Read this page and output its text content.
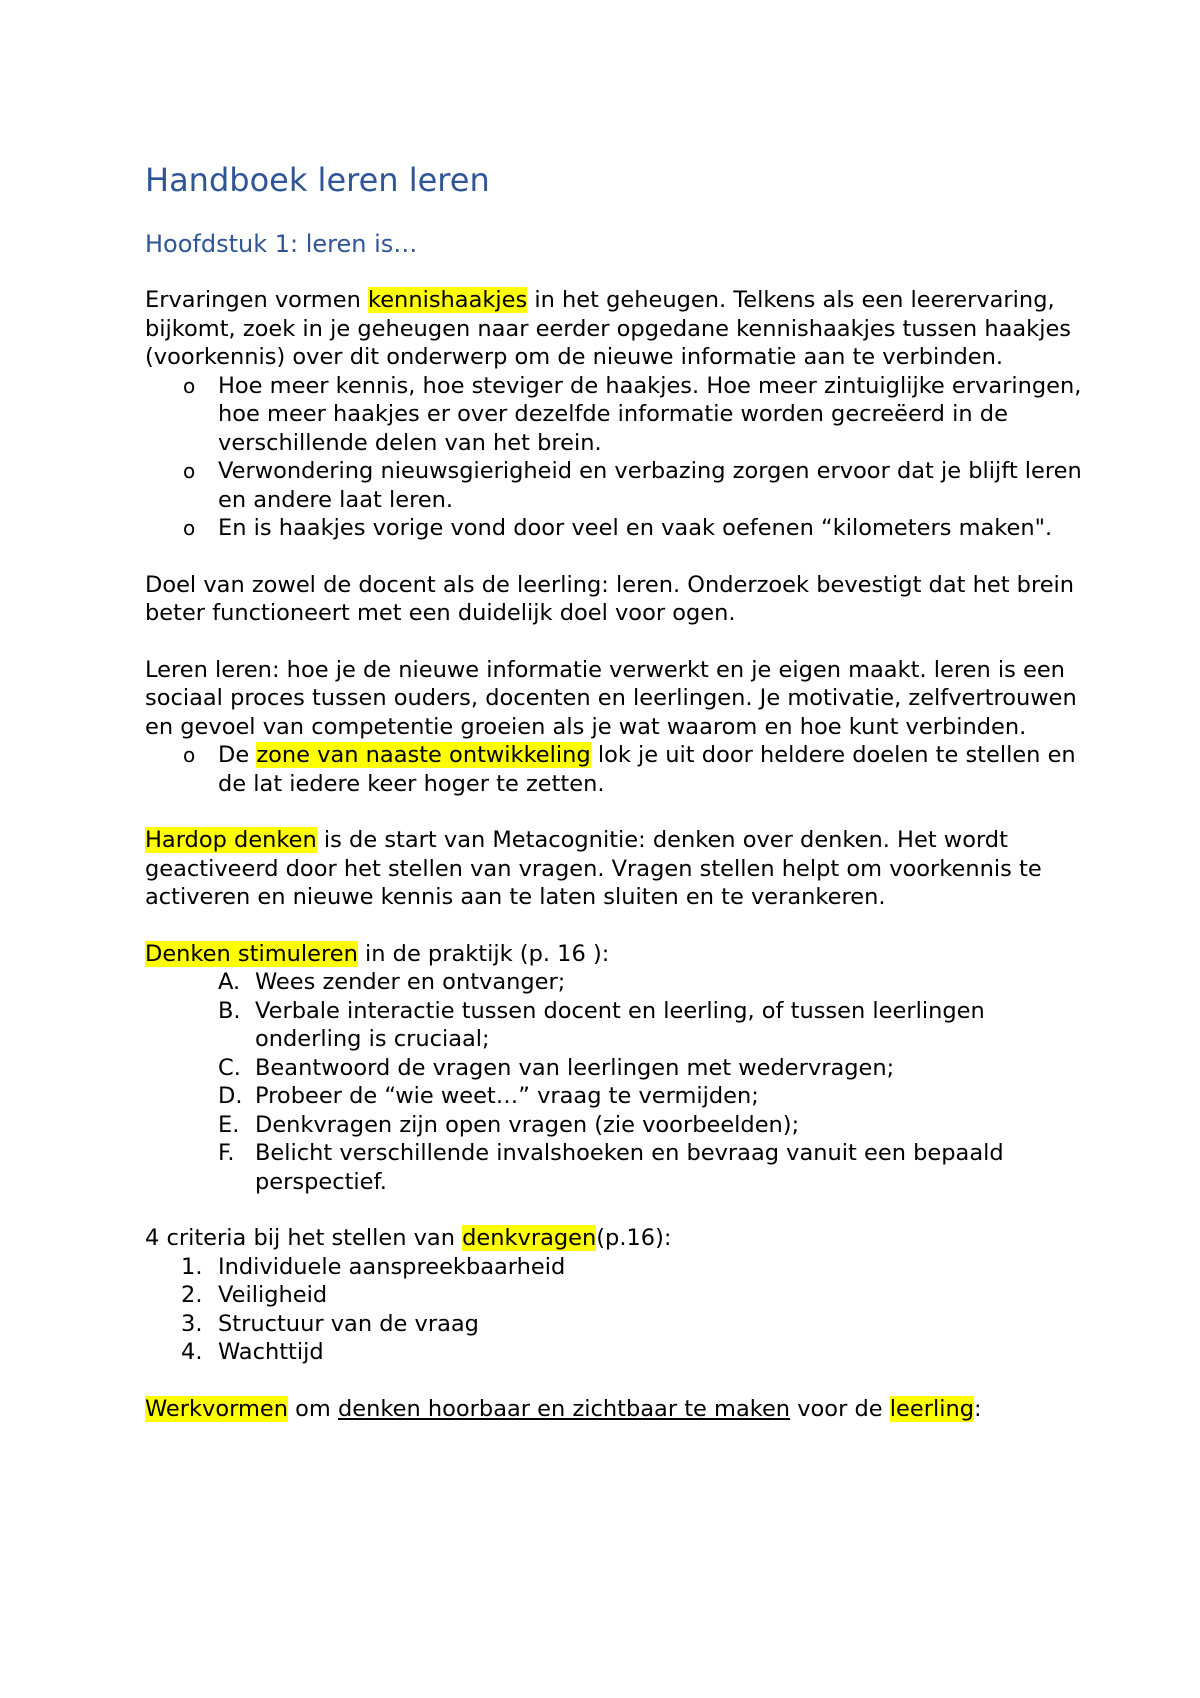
Handboek leren leren
Hoofdstuk 1: leren is…

Ervaringen vormen kennishaakjes in het geheugen. Telkens als een leerervaring, bijkomt, zoek in je geheugen naar eerder opgedane kennishaakjes tussen haakjes (voorkennis) over dit onderwerp om de nieuwe informatie aan te verbinden.

o Hoe meer kennis, hoe steviger de haakjes. Hoe meer zintuiglijke ervaringen, hoe meer haakjes er over dezelfde informatie worden gecreëerd in de verschillende delen van het brein.
o Verwondering nieuwsgierigheid en verbazing zorgen ervoor dat je blijft leren en andere laat leren.
o En is haakjes vorige vond door veel en vaak oefenen “kilometers maken".

Doel van zowel de docent als de leerling: leren. Onderzoek bevestigt dat het brein beter functioneert met een duidelijk doel voor ogen.

Leren leren: hoe je de nieuwe informatie verwerkt en je eigen maakt. leren is een sociaal proces tussen ouders, docenten en leerlingen. Je motivatie, zelfvertrouwen en gevoel van competentie groeien als je wat waarom en hoe kunt verbinden.

o De zone van naaste ontwikkeling lok je uit door heldere doelen te stellen en de lat iedere keer hoger te zetten.

Hardop denken is de start van Metacognitie: denken over denken. Het wordt geactiveerd door het stellen van vragen. Vragen stellen helpt om voorkennis te activeren en nieuwe kennis aan te laten sluiten en te verankeren.

Denken stimuleren in de praktijk (p. 16 ):

A. Wees zender en ontvanger;
B. Verbale interactie tussen docent en leerling, of tussen leerlingen onderling is cruciaal;
C. Beantwoord de vragen van leerlingen met wedervragen;
D. Probeer de “wie weet…” vraag te vermijden;
E. Denkvragen zijn open vragen (zie voorbeelden);
F. Belicht verschillende invalshoeken en bevraag vanuit een bepaald perspectief.

4 criteria bij het stellen van denkvragen(p.16):

1. Individuele aanspreekbaarheid
2. Veiligheid
3. Structuur van de vraag
4. Wachttijd

Werkvormen om denken hoorbaar en zichtbaar te maken voor de leerling:
